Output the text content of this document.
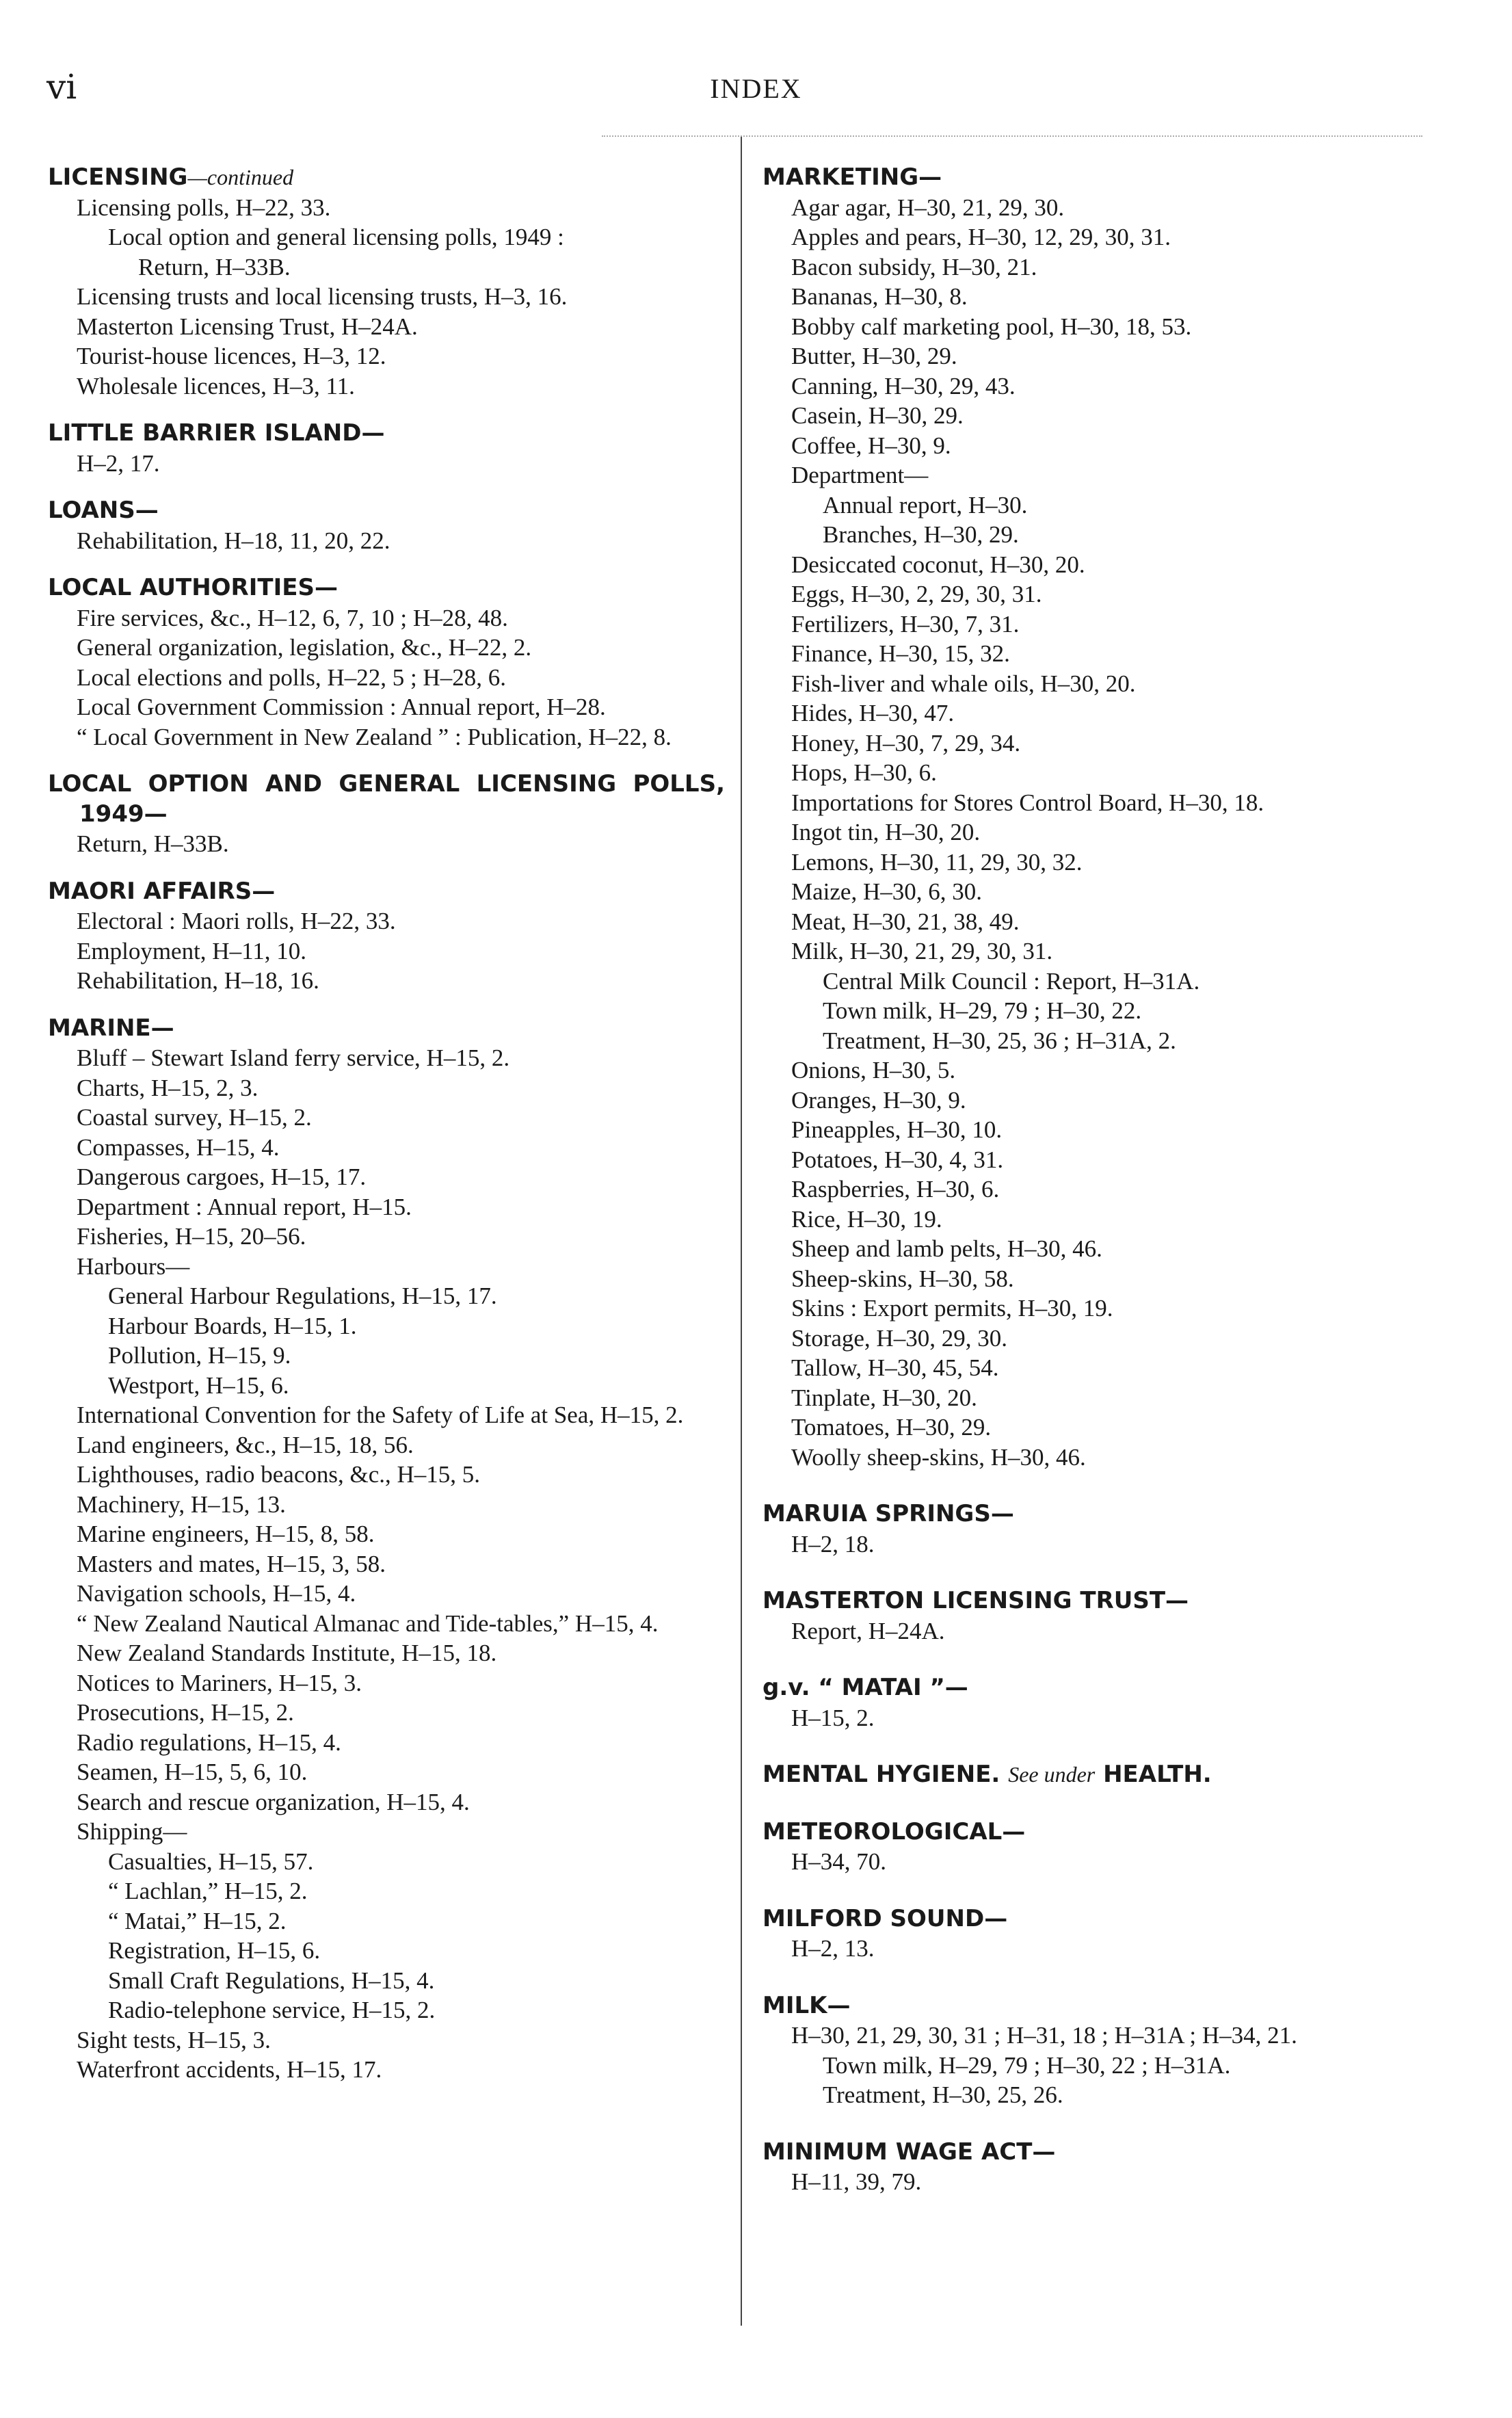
vi	INDEX
LICENSING—continued
Licensing polls, H–22, 33.
Local option and general licensing polls, 1949 :
Return, H–33B.
Licensing trusts and local licensing trusts, H–3, 16.
Masterton Licensing Trust, H–24A.
Tourist-house licences, H–3, 12.
Wholesale licences, H–3, 11.
LITTLE BARRIER ISLAND—
H–2, 17.
LOANS—
Rehabilitation, H–18, 11, 20, 22.
LOCAL AUTHORITIES—
Fire services, &c., H–12, 6, 7, 10 ; H–28, 48.
General organization, legislation, &c., H–22, 2.
Local elections and polls, H–22, 5 ; H–28, 6.
Local Government Commission : Annual report, H–28.
“ Local Government in New Zealand ” : Publication, H–22, 8.
LOCAL OPTION AND GENERAL LICENSING POLLS, 1949—
Return, H–33B.
MAORI AFFAIRS—
Electoral : Maori rolls, H–22, 33.
Employment, H–11, 10.
Rehabilitation, H–18, 16.
MARINE—
Bluff – Stewart Island ferry service, H–15, 2.
Charts, H–15, 2, 3.
Coastal survey, H–15, 2.
Compasses, H–15, 4.
Dangerous cargoes, H–15, 17.
Department : Annual report, H–15.
Fisheries, H–15, 20–56.
Harbours—
General Harbour Regulations, H–15, 17.
Harbour Boards, H–15, 1.
Pollution, H–15, 9.
Westport, H–15, 6.
International Convention for the Safety of Life at Sea, H–15, 2.
Land engineers, &c., H–15, 18, 56.
Lighthouses, radio beacons, &c., H–15, 5.
Machinery, H–15, 13.
Marine engineers, H–15, 8, 58.
Masters and mates, H–15, 3, 58.
Navigation schools, H–15, 4.
“ New Zealand Nautical Almanac and Tide-tables,” H–15, 4.
New Zealand Standards Institute, H–15, 18.
Notices to Mariners, H–15, 3.
Prosecutions, H–15, 2.
Radio regulations, H–15, 4.
Seamen, H–15, 5, 6, 10.
Search and rescue organization, H–15, 4.
Shipping—
Casualties, H–15, 57.
“ Lachlan,” H–15, 2.
“ Matai,” H–15, 2.
Registration, H–15, 6.
Small Craft Regulations, H–15, 4.
Radio-telephone service, H–15, 2.
Sight tests, H–15, 3.
Waterfront accidents, H–15, 17.
MARKETING—
Agar agar, H–30, 21, 29, 30.
Apples and pears, H–30, 12, 29, 30, 31.
Bacon subsidy, H–30, 21.
Bananas, H–30, 8.
Bobby calf marketing pool, H–30, 18, 53.
Butter, H–30, 29.
Canning, H–30, 29, 43.
Casein, H–30, 29.
Coffee, H–30, 9.
Department—
Annual report, H–30.
Branches, H–30, 29.
Desiccated coconut, H–30, 20.
Eggs, H–30, 2, 29, 30, 31.
Fertilizers, H–30, 7, 31.
Finance, H–30, 15, 32.
Fish-liver and whale oils, H–30, 20.
Hides, H–30, 47.
Honey, H–30, 7, 29, 34.
Hops, H–30, 6.
Importations for Stores Control Board, H–30, 18.
Ingot tin, H–30, 20.
Lemons, H–30, 11, 29, 30, 32.
Maize, H–30, 6, 30.
Meat, H–30, 21, 38, 49.
Milk, H–30, 21, 29, 30, 31.
Central Milk Council : Report, H–31A.
Town milk, H–29, 79 ; H–30, 22.
Treatment, H–30, 25, 36 ; H–31A, 2.
Onions, H–30, 5.
Oranges, H–30, 9.
Pineapples, H–30, 10.
Potatoes, H–30, 4, 31.
Raspberries, H–30, 6.
Rice, H–30, 19.
Sheep and lamb pelts, H–30, 46.
Sheep-skins, H–30, 58.
Skins : Export permits, H–30, 19.
Storage, H–30, 29, 30.
Tallow, H–30, 45, 54.
Tinplate, H–30, 20.
Tomatoes, H–30, 29.
Woolly sheep-skins, H–30, 46.
MARUIA SPRINGS—
H–2, 18.
MASTERTON LICENSING TRUST—
Report, H–24A.
g.v. “ MATAI ”—
H–15, 2.
MENTAL HYGIENE. See under HEALTH.
METEOROLOGICAL—
H–34, 70.
MILFORD SOUND—
H–2, 13.
MILK—
H–30, 21, 29, 30, 31 ; H–31, 18 ; H–31A ; H–34, 21.
Town milk, H–29, 79 ; H–30, 22 ; H–31A.
Treatment, H–30, 25, 26.
MINIMUM WAGE ACT—
H–11, 39, 79.
